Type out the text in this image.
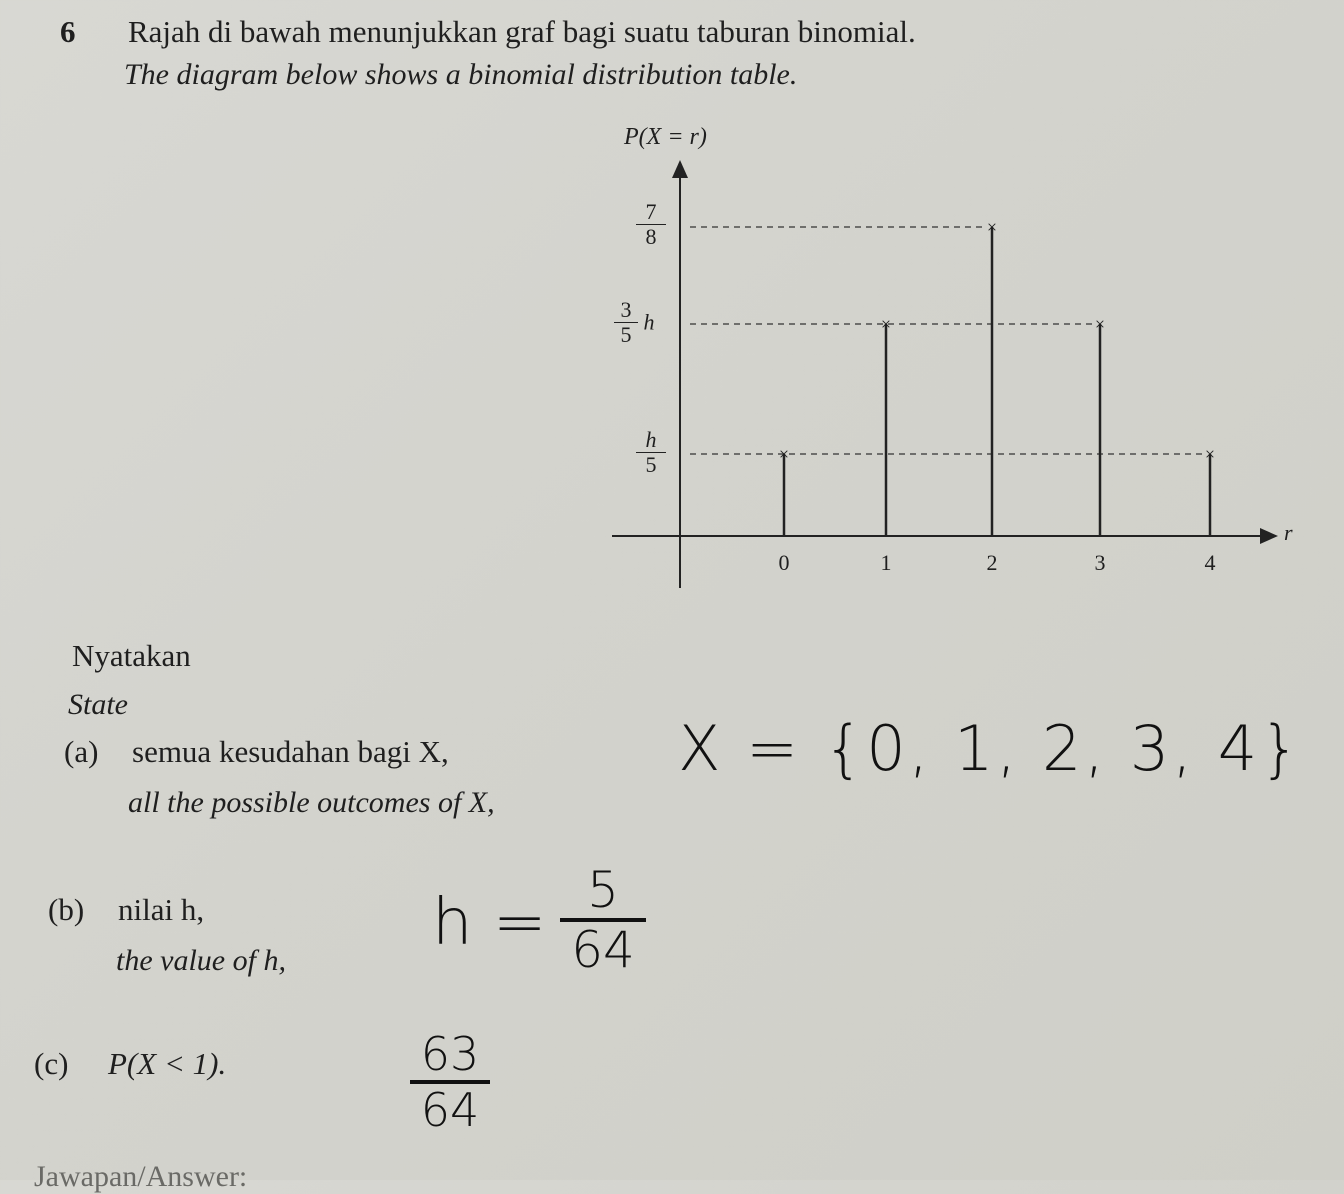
6 Rajah di bawah menunjukkan graf bagi suatu taburan binomial.
The diagram below shows a binomial distribution table.
P(X = r)
r
×
0
×
1
×
2
×
3
×
4
$\frac{7}{8}$
$\frac{3}{5}$ h
$\frac{h}{5}$
Nyatakan
State
(a) semua kesudahan bagi X,
all the possible outcomes of X,
X = {0, 1, 2, 3, 4}
(b) nilai h,
the value of h,
$h = \frac{5}{64}$
(c) P(X < 1).	$\frac{63}{64}$
Jawapan/Answer:
